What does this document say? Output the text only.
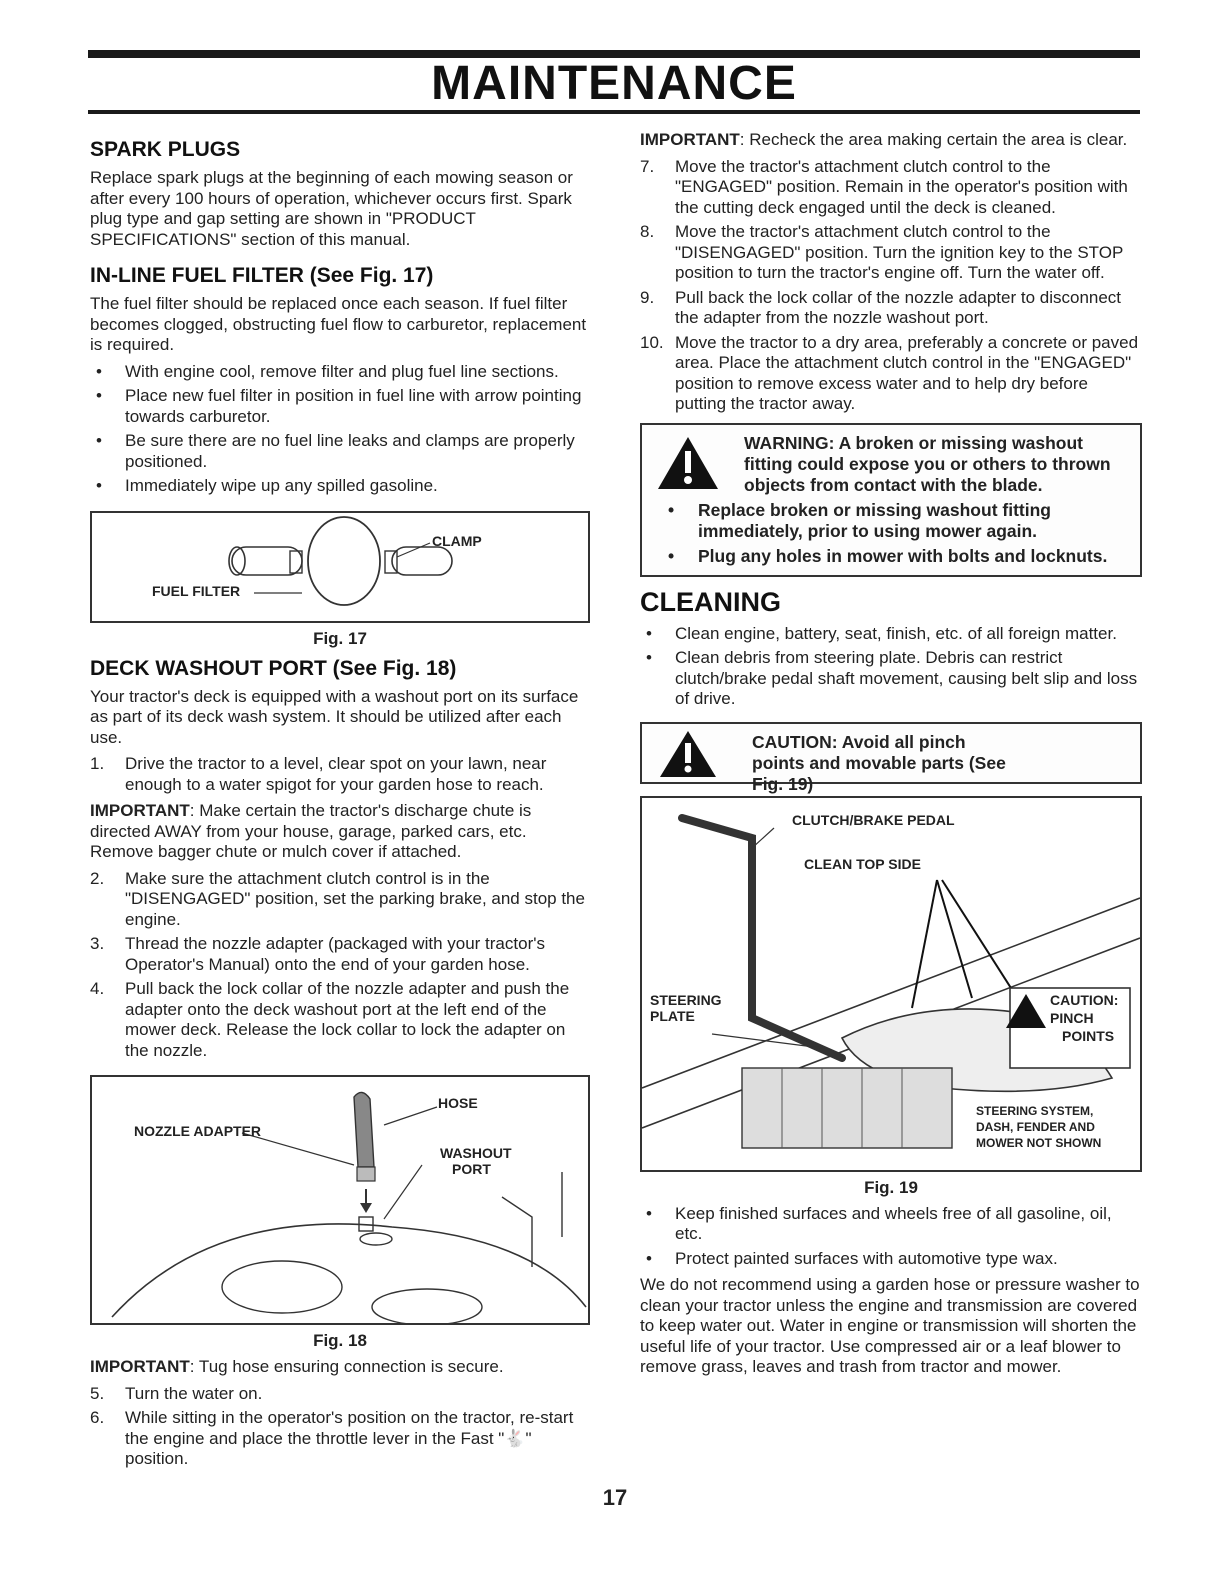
MAINTENANCE
SPARK PLUGS

Replace spark plugs at the beginning of each mowing season or after every 100 hours of operation, whichever occurs first. Spark plug type and gap setting are shown in "PRODUCT SPECIFICATIONS" section of this manual.

IN-LINE FUEL FILTER (See Fig. 17)

The fuel filter should be replaced once each season. If fuel filter becomes clogged, obstructing fuel flow to carburetor, replacement is required.

•	With engine cool, remove filter and plug fuel line sections.
•	Place new fuel filter in position in fuel line with arrow pointing towards carburetor.
•	Be sure there are no fuel line leaks and clamps are properly positioned.
•	Immediately wipe up any spilled gasoline.
CLAMP
FUEL FILTER
Fig. 17
DECK WASHOUT PORT (See Fig. 18)

Your tractor's deck is equipped with a washout port on its surface as part of its deck wash system. It should be utilized after each use.

1.	Drive the tractor to a level, clear spot on your lawn, near enough to a water spigot for your garden hose to reach.

IMPORTANT: Make certain the tractor's discharge chute is directed AWAY from your house, garage, parked cars, etc. Remove bagger chute or mulch cover if attached.

2.	Make sure the attachment clutch control is in the "DISENGAGED" position, set the parking brake, and stop the engine.
3.	Thread the nozzle adapter (packaged with your tractor's Operator's Manual) onto the end of your garden hose.
4.	Pull back the lock collar of the nozzle adapter and push the adapter onto the deck washout port at the left end of the mower deck. Release the lock collar to lock the adapter on the nozzle.
HOSE
NOZZLE ADAPTER
WASHOUT
PORT
Fig. 18

IMPORTANT: Tug hose ensuring connection is secure.

5.	Turn the water on.
6.	While sitting in the operator's position on the tractor, re-start the engine and place the throttle lever in the Fast "🐇" position.

IMPORTANT: Recheck the area making certain the area is clear.

7.	Move the tractor's attachment clutch control to the "ENGAGED" position. Remain in the operator's position with the cutting deck engaged until the deck is cleaned.
8.	Move the tractor's attachment clutch control to the "DISENGAGED" position. Turn the ignition key to the STOP position to turn the tractor's engine off. Turn the water off.
9.	Pull back the lock collar of the nozzle adapter to disconnect the adapter from the nozzle washout port.
10. Move the tractor to a dry area, preferably a concrete or paved area. Place the attachment clutch control in the "ENGAGED" position to remove excess water and to help dry before putting the tractor away.
WARNING: A broken or missing washout fitting could expose you or others to thrown objects from contact with the blade.
• Replace broken or missing washout fitting immediately, prior to using mower again.
• Plug any holes in mower with bolts and locknuts.
CLEANING
•	Clean engine, battery, seat, finish, etc. of all foreign matter.
•	Clean debris from steering plate. Debris can restrict clutch/brake pedal shaft movement, causing belt slip and loss of drive.
CAUTION: Avoid all pinch points and movable parts (See Fig. 19)
CLUTCH/BRAKE PEDAL
CLEAN TOP SIDE
STEERING
PLATE
CAUTION:
PINCH
POINTS
STEERING SYSTEM,
DASH, FENDER AND
MOWER NOT SHOWN
Fig. 19
•	Keep finished surfaces and wheels free of all gasoline, oil, etc.
•	Protect painted surfaces with automotive type wax.

We do not recommend using a garden hose or pressure washer to clean your tractor unless the engine and transmission are covered to keep water out. Water in engine or transmission will shorten the useful life of your tractor. Use compressed air or a leaf blower to remove grass, leaves and trash from tractor and mower.

17
